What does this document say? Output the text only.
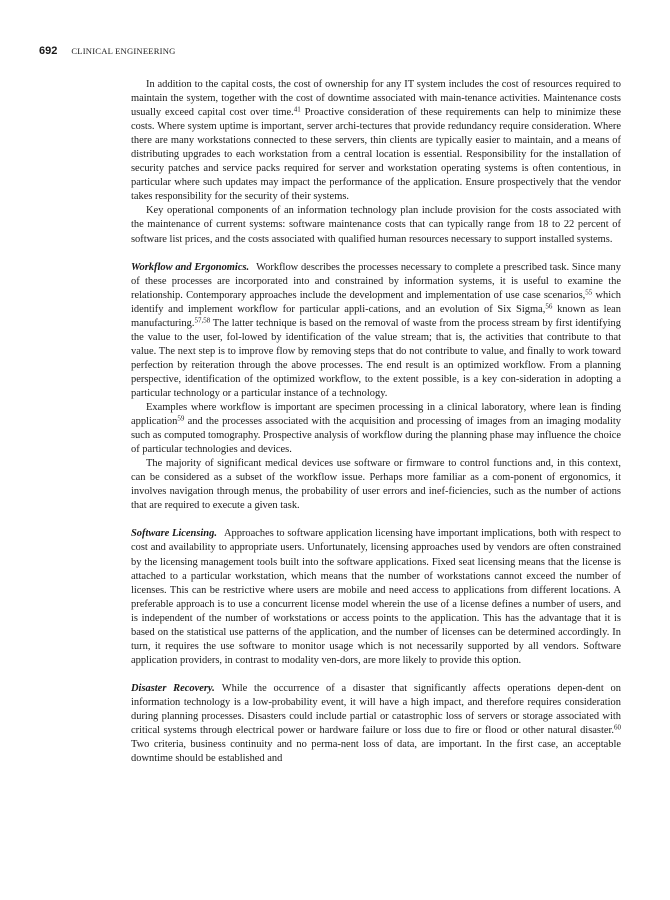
692 CLINICAL ENGINEERING

In addition to the capital costs, the cost of ownership for any IT system includes the cost of resources required to maintain the system, together with the cost of downtime associated with main-tenance activities. Maintenance costs usually exceed capital cost over time.$^{41}$ Proactive consideration of these requirements can help to minimize these costs. Where system uptime is important, server archi-tectures that provide redundancy require consideration. Where there are many workstations connected to these servers, thin clients are typically easier to maintain, and a means of distributing upgrades to each workstation from a central location is essential. Responsibility for the installation of security patches and service packs required for server and workstation operating systems is often contentious, in particular where such updates may impact the performance of the application. Ensure prospectively that the vendor takes responsibility for the security of their systems.

Key operational components of an information technology plan include provision for the costs associated with the maintenance of current systems: software maintenance costs that can typically range from 18 to 22 percent of software list prices, and the costs associated with qualified human resources necessary to support installed systems.

Workflow and Ergonomics. Workflow describes the processes necessary to complete a prescribed task. Since many of these processes are incorporated into and constrained by information systems, it is useful to examine the relationship. Contemporary approaches include the development and implementation of use case scenarios,$^{55}$ which identify and implement workflow for particular appli-cations, and an evolution of Six Sigma,$^{56}$ known as lean manufacturing.$^{57,58}$ The latter technique is based on the removal of waste from the process stream by first identifying the value to the user, fol-lowed by identification of the value stream; that is, the activities that contribute to that value. The next step is to improve flow by removing steps that do not contribute to value, and finally to work toward perfection by reiteration through the above processes. The end result is an optimized workflow. From a planning perspective, identification of the optimized workflow, to the extent possible, is a key con-sideration in adopting a particular technology or a particular instance of a technology.

Examples where workflow is important are specimen processing in a clinical laboratory, where lean is finding application$^{59}$ and the processes associated with the acquisition and processing of images from an imaging modality such as computed tomography. Prospective analysis of workflow during the planning phase may influence the choice of particular technologies and devices.

The majority of significant medical devices use software or firmware to control functions and, in this context, can be considered as a subset of the workflow issue. Perhaps more familiar as a com-ponent of ergonomics, it involves navigation through menus, the probability of user errors and inef-ficiencies, such as the number of actions that are required to execute a given task.

Software Licensing. Approaches to software application licensing have important implications, both with respect to cost and availability to appropriate users. Unfortunately, licensing approaches used by vendors are often constrained by the licensing management tools built into the software applications. Fixed seat licensing means that the license is attached to a particular workstation, which means that the number of workstations cannot exceed the number of licenses. This can be restrictive where users are mobile and need access to applications from different locations. A preferable approach is to use a concurrent license model wherein the use of a license defines a number of users, and is independent of the number of workstations or access points to the application. This has the advantage that it is based on the statistical use patterns of the application, and the number of licenses can be determined accordingly. In turn, it requires the use software to monitor usage which is not necessarily supported by all vendors. Software application providers, in contrast to modality ven-dors, are more likely to provide this option.

Disaster Recovery. While the occurrence of a disaster that significantly affects operations depen-dent on information technology is a low-probability event, it will have a high impact, and therefore requires consideration during planning processes. Disasters could include partial or catastrophic loss of servers or storage associated with critical systems through electrical power or hardware failure or loss due to fire or flood or other natural disaster.$^{60}$ Two criteria, business continuity and no perma-nent loss of data, are important. In the first case, an acceptable downtime should be established and
